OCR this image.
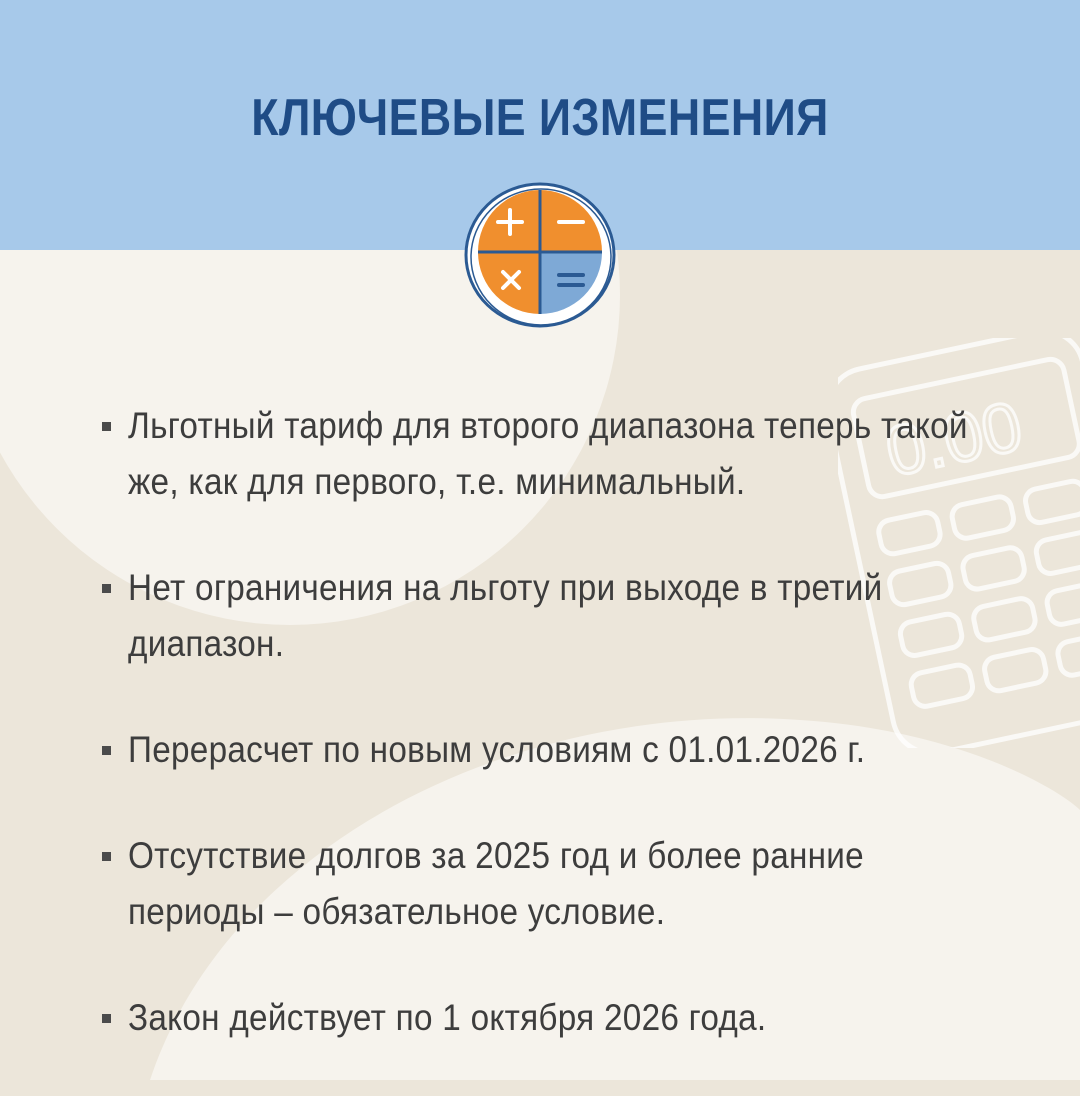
КЛЮЧЕВЫЕ ИЗМЕНЕНИЯ
0.00
Льготный тариф для второго диапазона теперь такой же, как для первого, т.е. минимальный.
Нет ограничения на льготу при выходе в третий диапазон.
Перерасчет по новым условиям с 01.01.2026 г.
Отсутствие долгов за 2025 год и более ранние периоды – обязательное условие.
Закон действует по 1 октября 2026 года.
